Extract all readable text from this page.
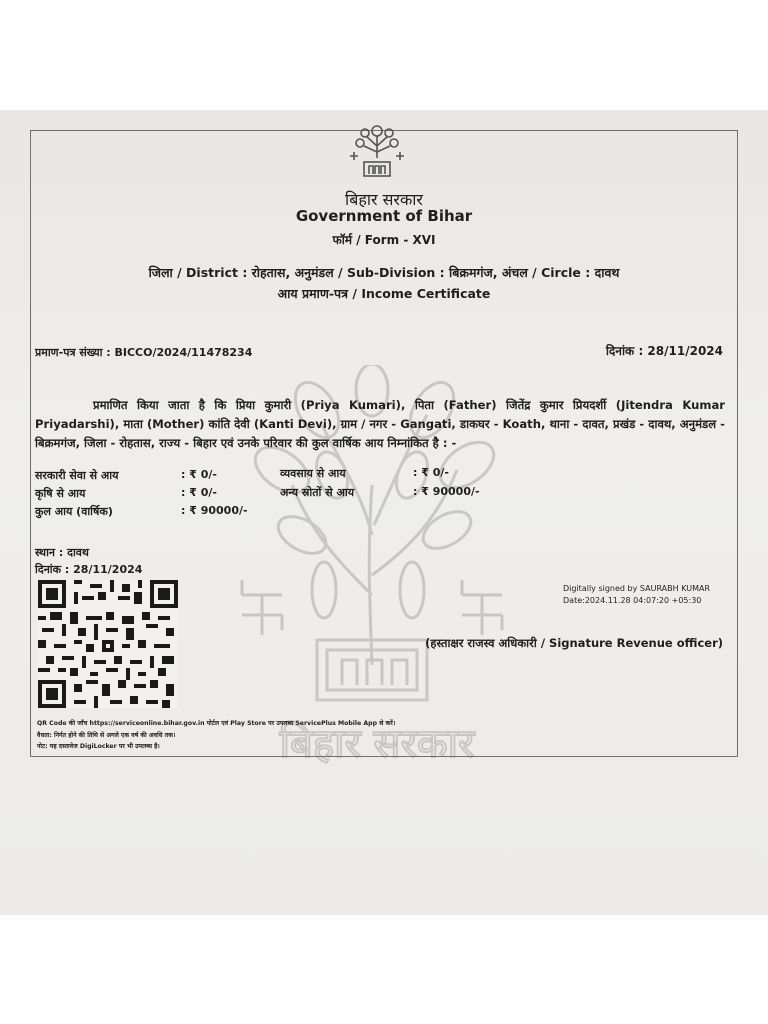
बिहार सरकार
बिहार सरकार
Government of Bihar
फॉर्म / Form - XVI
जिला / District : रोहतास, अनुमंडल / Sub-Division : बिक्रमगंज, अंचल / Circle : दावथ
आय प्रमाण-पत्र / Income Certificate
प्रमाण-पत्र संख्या : BICCO/2024/11478234	दिनांक : 28/11/2024
प्रमाणित किया जाता है कि प्रिया कुमारी (Priya Kumari), पिता (Father) जितेंद्र कुमार प्रियदर्शी (Jitendra Kumar Priyadarshi), माता (Mother) कांति देवी (Kanti Devi), ग्राम / नगर - Gangati, डाकघर - Koath, थाना - दावत, प्रखंड - दावथ, अनुमंडल - बिक्रमगंज, जिला - रोहतास, राज्य - बिहार एवं उनके परिवार की कुल वार्षिक आय निम्नांकित है : -
सरकारी सेवा से आय	: ₹ 0/-	व्यवसाय से आय	: ₹ 0/-
कृषि से आय	: ₹ 0/-	अन्य स्रोतों से आय	: ₹ 90000/-
कुल आय (वार्षिक)	: ₹ 90000/-
स्थान : दावथ
दिनांक : 28/11/2024
Digitally signed by SAURABH KUMAR
Date:2024.11.28 04:07:20 +05:30
(हस्ताक्षर राजस्व अधिकारी / Signature Revenue officer)
QR Code की जाँच https://serviceonline.bihar.gov.in पोर्टल एवं Play Store पर उपलब्ध ServicePlus Mobile App से करें।
वैधता: निर्गत होने की तिथि से अगले एक वर्ष की अवधि तक।
नोट: यह दस्तावेज DigiLocker पर भी उपलब्ध है।
